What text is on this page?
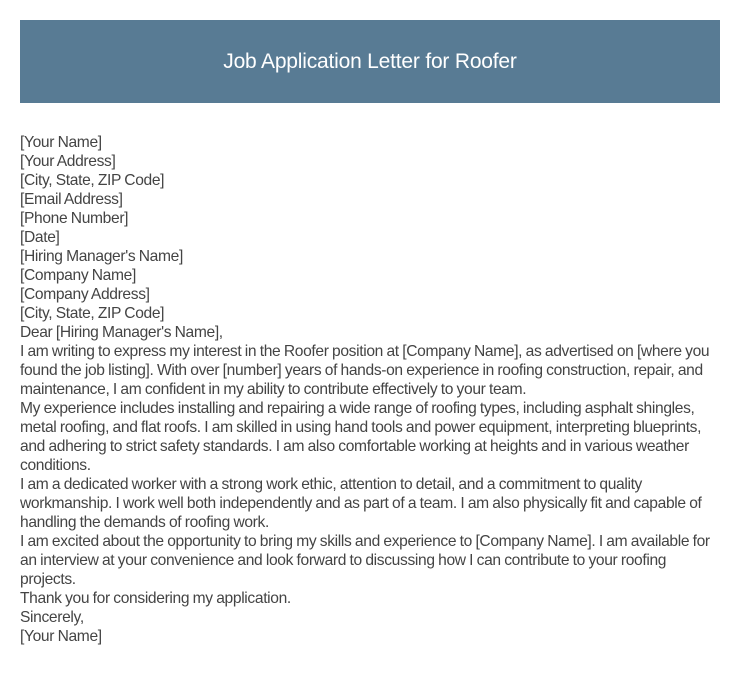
Job Application Letter for Roofer
[Your Name]
[Your Address]
[City, State, ZIP Code]
[Email Address]
[Phone Number]
[Date]
[Hiring Manager's Name]
[Company Name]
[Company Address]
[City, State, ZIP Code]
Dear [Hiring Manager's Name],
I am writing to express my interest in the Roofer position at [Company Name], as advertised on [where you found the job listing]. With over [number] years of hands-on experience in roofing construction, repair, and maintenance, I am confident in my ability to contribute effectively to your team.
My experience includes installing and repairing a wide range of roofing types, including asphalt shingles, metal roofing, and flat roofs. I am skilled in using hand tools and power equipment, interpreting blueprints, and adhering to strict safety standards. I am also comfortable working at heights and in various weather conditions.
I am a dedicated worker with a strong work ethic, attention to detail, and a commitment to quality workmanship. I work well both independently and as part of a team. I am also physically fit and capable of handling the demands of roofing work.
I am excited about the opportunity to bring my skills and experience to [Company Name]. I am available for an interview at your convenience and look forward to discussing how I can contribute to your roofing projects.
Thank you for considering my application.
Sincerely,
[Your Name]
